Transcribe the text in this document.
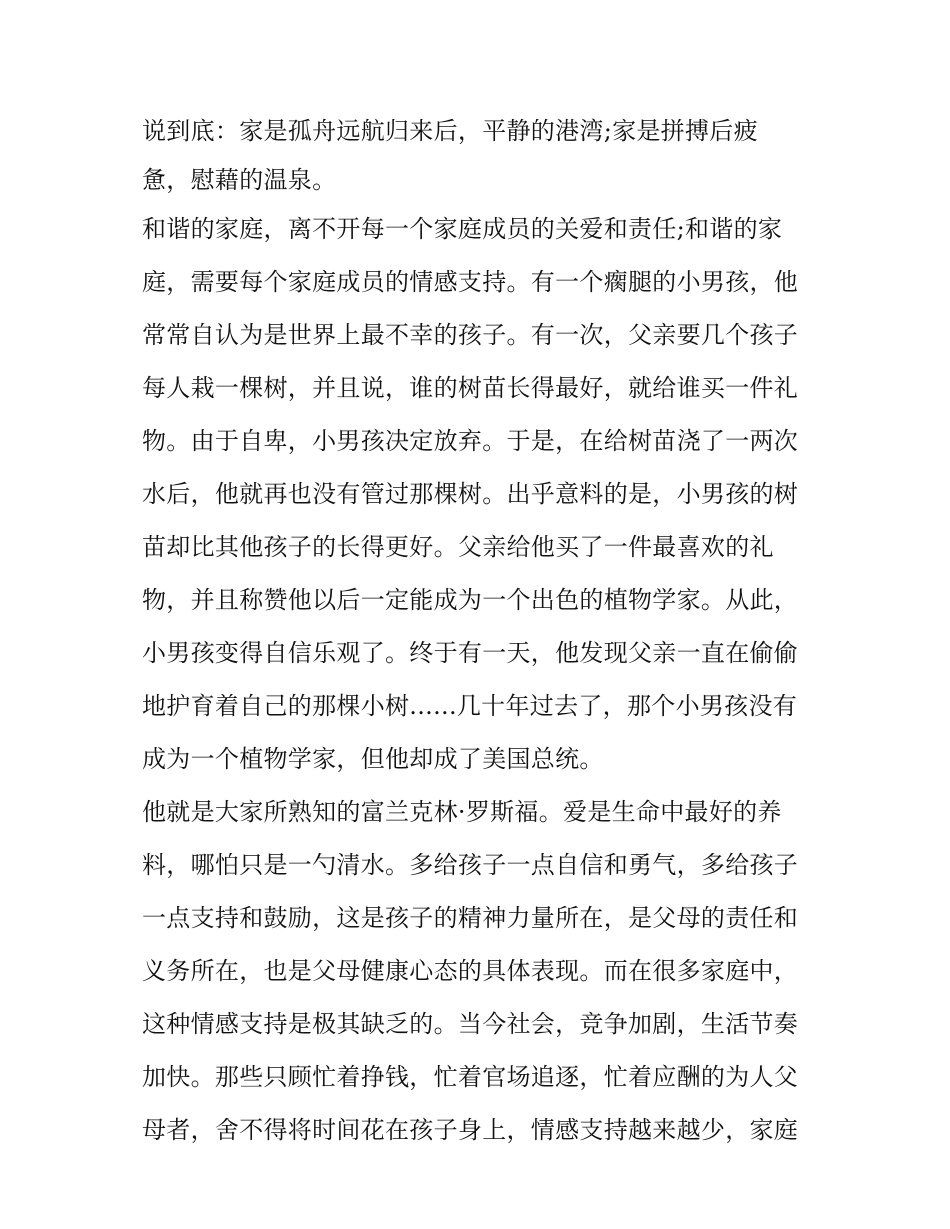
说到底：家是孤舟远航归来后，平静的港湾;家是拼搏后疲

惫，慰藉的温泉。

和谐的家庭，离不开每一个家庭成员的关爱和责任;和谐的家

庭，需要每个家庭成员的情感支持。有一个瘸腿的小男孩，他

常常自认为是世界上最不幸的孩子。有一次，父亲要几个孩子

每人栽一棵树，并且说，谁的树苗长得最好，就给谁买一件礼

物。由于自卑，小男孩决定放弃。于是，在给树苗浇了一两次

水后，他就再也没有管过那棵树。出乎意料的是，小男孩的树

苗却比其他孩子的长得更好。父亲给他买了一件最喜欢的礼

物，并且称赞他以后一定能成为一个出色的植物学家。从此，

小男孩变得自信乐观了。终于有一天，他发现父亲一直在偷偷

地护育着自己的那棵小树......几十年过去了，那个小男孩没有

成为一个植物学家，但他却成了美国总统。

他就是大家所熟知的富兰克林·罗斯福。爱是生命中最好的养

料，哪怕只是一勺清水。多给孩子一点自信和勇气，多给孩子

一点支持和鼓励，这是孩子的精神力量所在，是父母的责任和

义务所在，也是父母健康心态的具体表现。而在很多家庭中，

这种情感支持是极其缺乏的。当今社会，竞争加剧，生活节奏

加快。那些只顾忙着挣钱，忙着官场追逐，忙着应酬的为人父

母者，舍不得将时间花在孩子身上，情感支持越来越少，家庭
